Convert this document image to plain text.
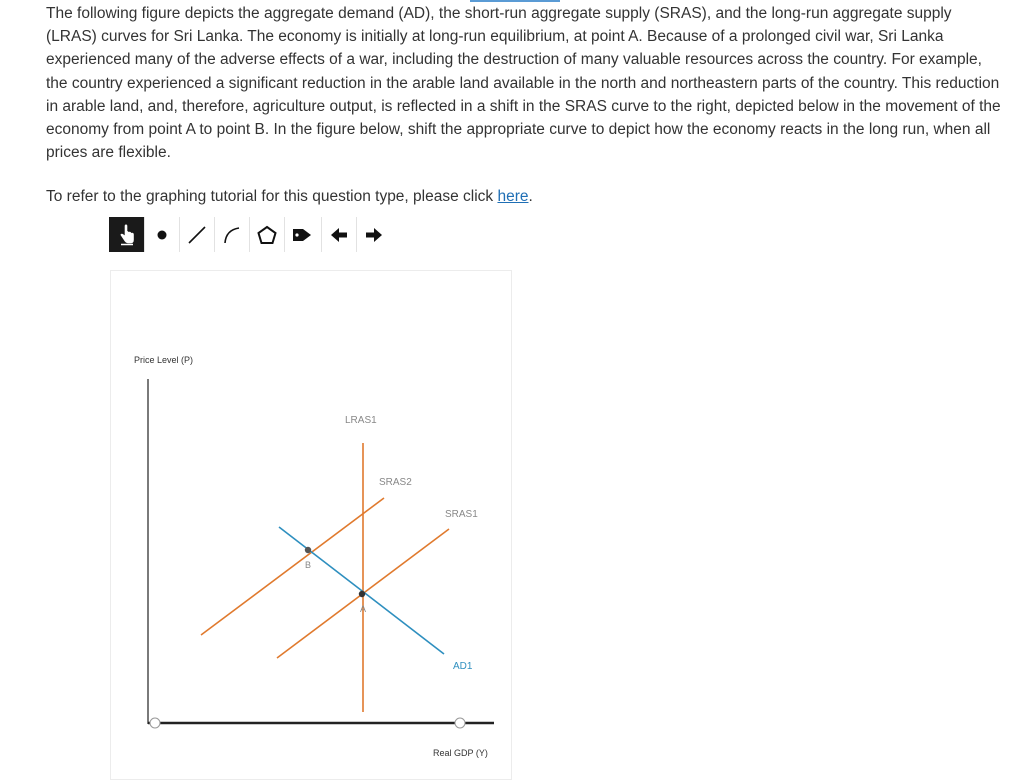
The following figure depicts the aggregate demand (AD), the short-run aggregate supply (SRAS), and the long-run aggregate supply (LRAS) curves for Sri Lanka. The economy is initially at long-run equilibrium, at point A. Because of a prolonged civil war, Sri Lanka experienced many of the adverse effects of a war, including the destruction of many valuable resources across the country. For example, the country experienced a significant reduction in the arable land available in the north and northeastern parts of the country. This reduction in arable land, and, therefore, agriculture output, is reflected in a shift in the SRAS curve to the right, depicted below in the movement of the economy from point A to point B. In the figure below, shift the appropriate curve to depict how the economy reacts in the long run, when all prices are flexible.

To refer to the graphing tutorial for this question type, please click here.
Price Level (P)
Real GDP (Y)
LRAS1
SRAS2
SRAS1
AD1
B
A
